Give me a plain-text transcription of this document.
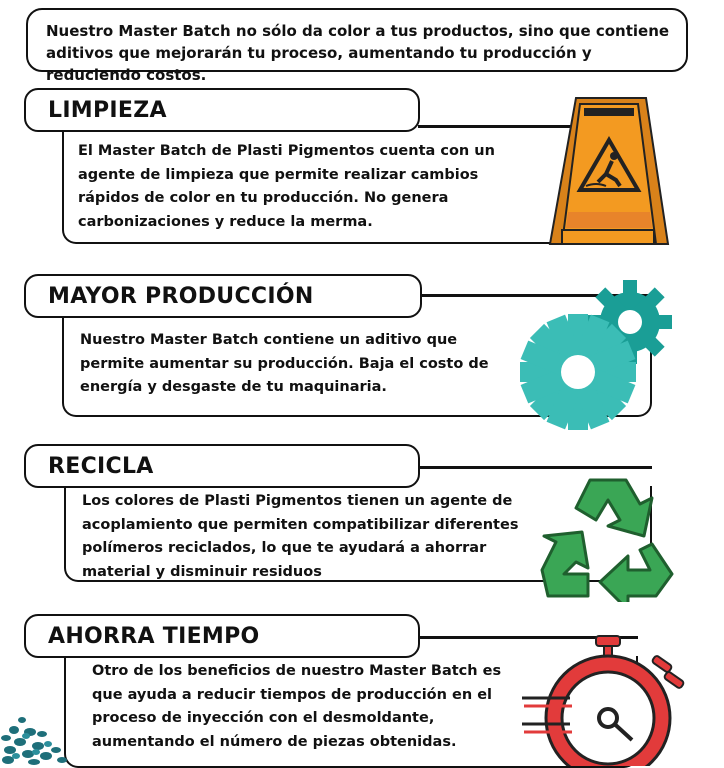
Nuestro Master Batch no sólo da color a tus productos, sino que contiene aditivos que mejorarán tu proceso, aumentando tu producción y reduciendo costos.
LIMPIEZA
El Master Batch de Plasti Pigmentos cuenta con un agente de limpieza que permite realizar cambios rápidos de color en tu producción. No genera carbonizaciones y reduce la merma.
MAYOR PRODUCCIÓN
Nuestro Master Batch contiene un aditivo que permite aumentar su producción. Baja el costo de energía y desgaste de tu maquinaria.
RECICLA
Los colores de Plasti Pigmentos tienen un agente de acoplamiento que permiten compatibilizar diferentes polímeros reciclados, lo que te ayudará a ahorrar material y disminuir residuos
AHORRA TIEMPO
Otro de los beneficios de nuestro Master Batch es que ayuda a reducir tiempos de producción en el proceso de inyección con el desmoldante, aumentando el número de piezas obtenidas.
